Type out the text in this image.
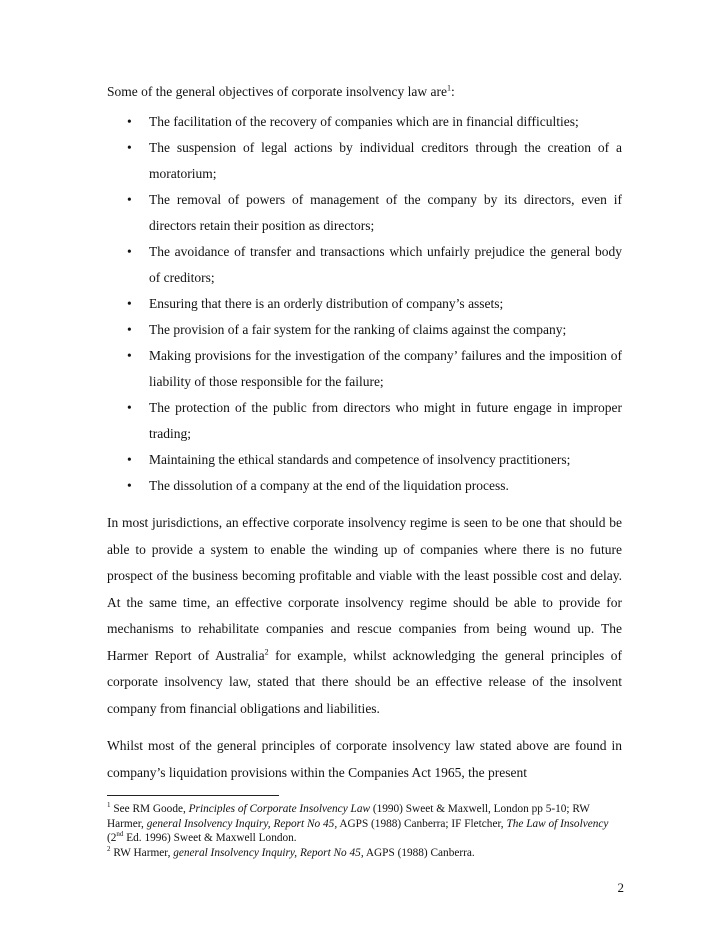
Some of the general objectives of corporate insolvency law are$^1$:
• The facilitation of the recovery of companies which are in financial difficulties;
• The suspension of legal actions by individual creditors through the creation of a moratorium;
• The removal of powers of management of the company by its directors, even if directors retain their position as directors;
• The avoidance of transfer and transactions which unfairly prejudice the general body of creditors;
• Ensuring that there is an orderly distribution of company’s assets;
• The provision of a fair system for the ranking of claims against the company;
• Making provisions for the investigation of the company’ failures and the imposition of liability of those responsible for the failure;
• The protection of the public from directors who might in future engage in improper trading;
• Maintaining the ethical standards and competence of insolvency practitioners;
• The dissolution of a company at the end of the liquidation process.

In most jurisdictions, an effective corporate insolvency regime is seen to be one that should be able to provide a system to enable the winding up of companies where there is no future prospect of the business becoming profitable and viable with the least possible cost and delay. At the same time, an effective corporate insolvency regime should be able to provide for mechanisms to rehabilitate companies and rescue companies from being wound up. The Harmer Report of Australia$^2$ for example, whilst acknowledging the general principles of corporate insolvency law, stated that there should be an effective release of the insolvent company from financial obligations and liabilities.

Whilst most of the general principles of corporate insolvency law stated above are found in company’s liquidation provisions within the Companies Act 1965, the present

$^1$ See RM Goode, Principles of Corporate Insolvency Law (1990) Sweet & Maxwell, London pp 5-10; RW Harmer, general Insolvency Inquiry, Report No 45, AGPS (1988) Canberra; IF Fletcher, The Law of Insolvency (2nd Ed. 1996) Sweet & Maxwell London.

$^2$ RW Harmer, general Insolvency Inquiry, Report No 45, AGPS (1988) Canberra.

2
